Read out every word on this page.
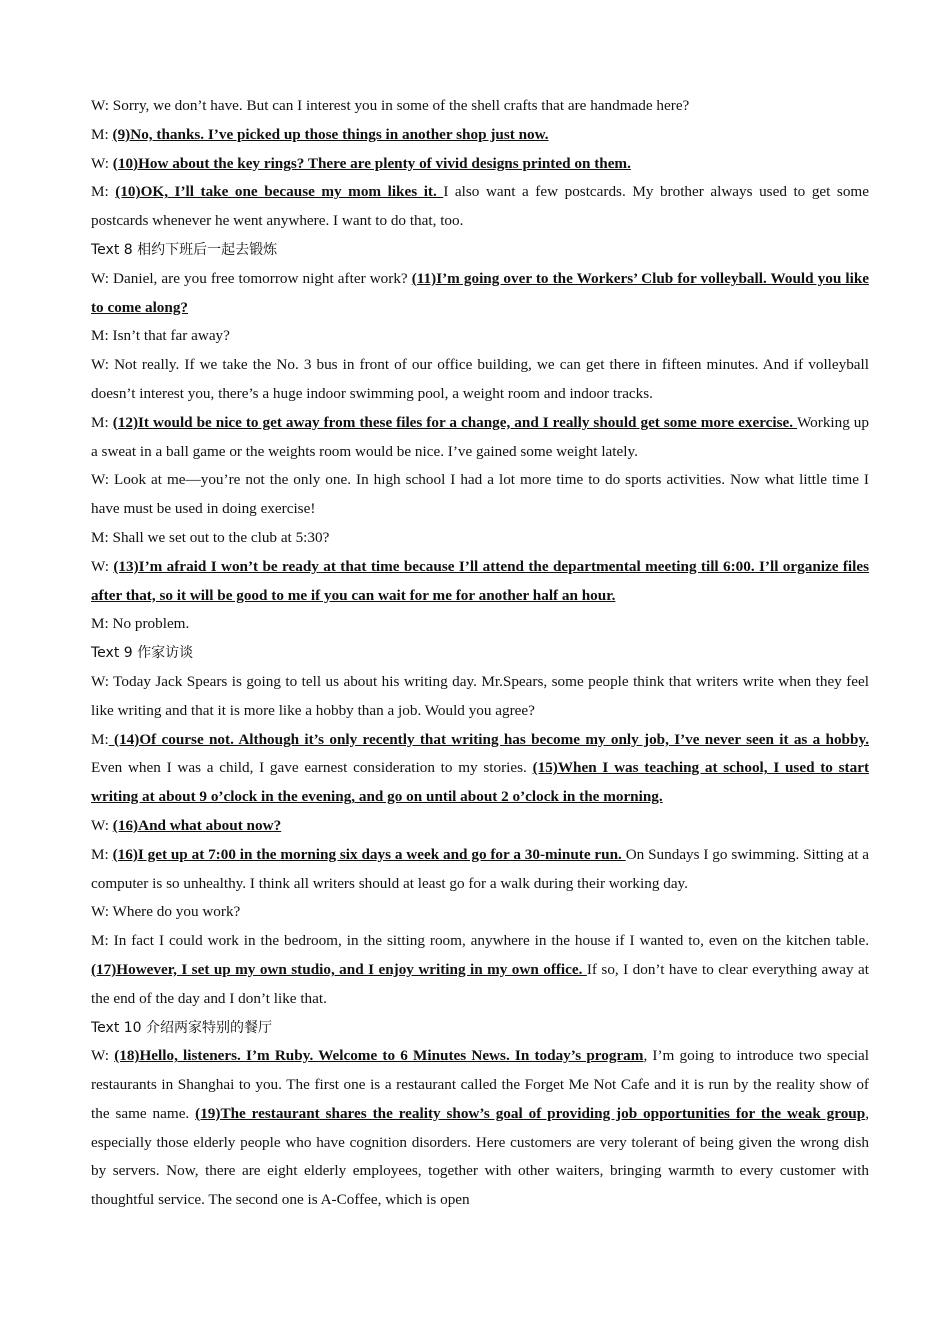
W: Sorry, we don’t have. But can I interest you in some of the shell crafts that are handmade here?

M: (9)No, thanks. I’ve picked up those things in another shop just now.

W: (10)How about the key rings? There are plenty of vivid designs printed on them.

M: (10)OK, I’ll take one because my mom likes it. I also want a few postcards. My brother always used to get some postcards whenever he went anywhere. I want to do that, too.

Text 8 相约下班后一起去锻炼

W: Daniel, are you free tomorrow night after work? (11)I’m going over to the Workers’ Club for volleyball. Would you like to come along?

M: Isn’t that far away?

W: Not really. If we take the No. 3 bus in front of our office building, we can get there in fifteen minutes. And if volleyball doesn’t interest you, there’s a huge indoor swimming pool, a weight room and indoor tracks.

M: (12)It would be nice to get away from these files for a change, and I really should get some more exercise. Working up a sweat in a ball game or the weights room would be nice. I’ve gained some weight lately.

W: Look at me—you’re not the only one. In high school I had a lot more time to do sports activities. Now what little time I have must be used in doing exercise!

M: Shall we set out to the club at 5:30?

W: (13)I’m afraid I won’t be ready at that time because I’ll attend the departmental meeting till 6:00. I’ll organize files after that, so it will be good to me if you can wait for me for another half an hour.

M: No problem.

Text 9 作家访谈

W: Today Jack Spears is going to tell us about his writing day. Mr.Spears, some people think that writers write when they feel like writing and that it is more like a hobby than a job. Would you agree?

M: (14)Of course not. Although it’s only recently that writing has become my only job, I’ve never seen it as a hobby. Even when I was a child, I gave earnest consideration to my stories. (15)When I was teaching at school, I used to start writing at about 9 o’clock in the evening, and go on until about 2 o’clock in the morning.

W: (16)And what about now?

M: (16)I get up at 7:00 in the morning six days a week and go for a 30-minute run. On Sundays I go swimming. Sitting at a computer is so unhealthy. I think all writers should at least go for a walk during their working day.

W: Where do you work?

M: In fact I could work in the bedroom, in the sitting room, anywhere in the house if I wanted to, even on the kitchen table. (17)However, I set up my own studio, and I enjoy writing in my own office. If so, I don’t have to clear everything away at the end of the day and I don’t like that.

Text 10 介绍两家特别的餐厅

W: (18)Hello, listeners. I’m Ruby. Welcome to 6 Minutes News. In today’s program, I’m going to introduce two special restaurants in Shanghai to you. The first one is a restaurant called the Forget Me Not Cafe and it is run by the reality show of the same name. (19)The restaurant shares the reality show’s goal of providing job opportunities for the weak group, especially those elderly people who have cognition disorders. Here customers are very tolerant of being given the wrong dish by servers. Now, there are eight elderly employees, together with other waiters, bringing warmth to every customer with thoughtful service. The second one is A-Coffee, which is open
